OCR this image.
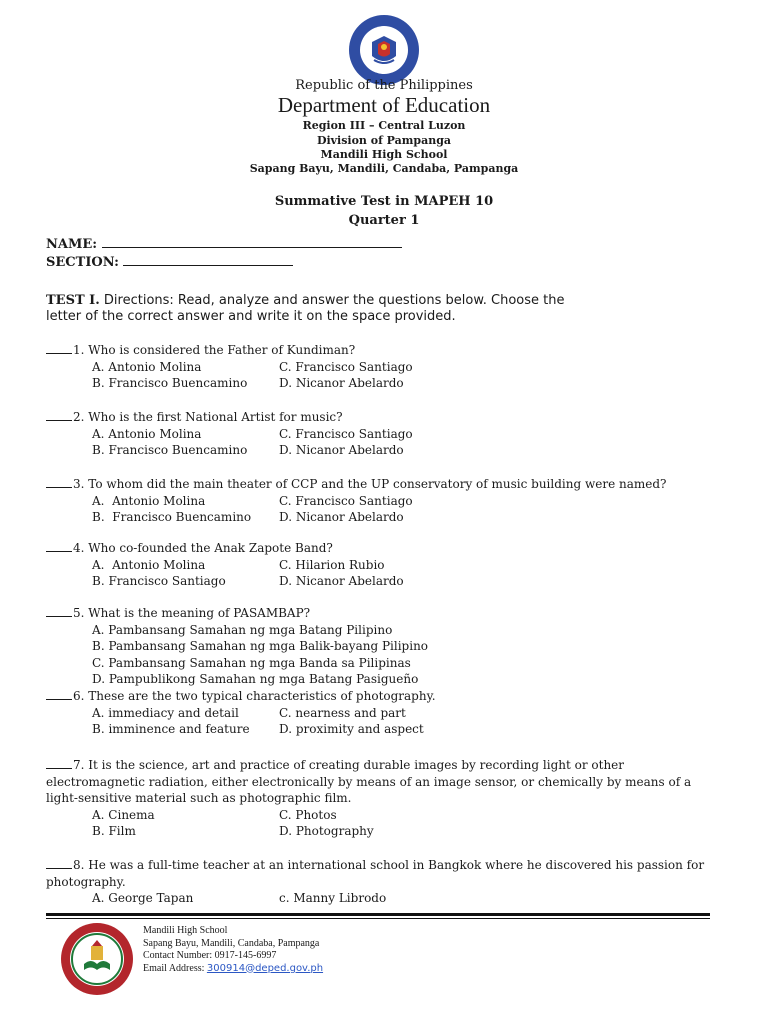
Republic of the Philippines
Department of Education
Region III – Central Luzon
Division of Pampanga
Mandili High School
Sapang Bayu, Mandili, Candaba, Pampanga
Summative Test in MAPEH 10
Quarter 1
NAME:
SECTION:
TEST I. Directions: Read, analyze and answer the questions below. Choose the
letter of the correct answer and write it on the space provided.
1. Who is considered the Father of Kundiman?
A. Antonio Molina	C. Francisco Santiago
B. Francisco Buencamino	D. Nicanor Abelardo
2. Who is the first National Artist for music?
A. Antonio Molina	C. Francisco Santiago
B. Francisco Buencamino	D. Nicanor Abelardo
3. To whom did the main theater of CCP and the UP conservatory of music building were named?
A.  Antonio Molina	C. Francisco Santiago
B.  Francisco Buencamino D. Nicanor Abelardo
4. Who co-founded the Anak Zapote Band?
A.  Antonio Molina	C. Hilarion Rubio
B. Francisco Santiago	D. Nicanor Abelardo
5. What is the meaning of PASAMBAP?
A. Pambansang Samahan ng mga Batang Pilipino
B. Pambansang Samahan ng mga Balik-bayang Pilipino
C. Pambansang Samahan ng mga Banda sa Pilipinas
D. Pampublikong Samahan ng mga Batang Pasigueño
6. These are the two typical characteristics of photography.
A. immediacy and detail	C. nearness and part
B. imminence and feature D. proximity and aspect
7. It is the science, art and practice of creating durable images by recording light or other
electromagnetic radiation, either electronically by means of an image sensor, or chemically by means of a
light-sensitive material such as photographic film.
A. Cinema	C. Photos
B. Film	D. Photography
8. He was a full-time teacher at an international school in Bangkok where he discovered his passion for
photography.
A. George Tapan	c. Manny Librodo
Mandili High School
Sapang Bayu, Mandili, Candaba, Pampanga
Contact Number: 0917-145-6997
Email Address: 300914@deped.gov.ph
